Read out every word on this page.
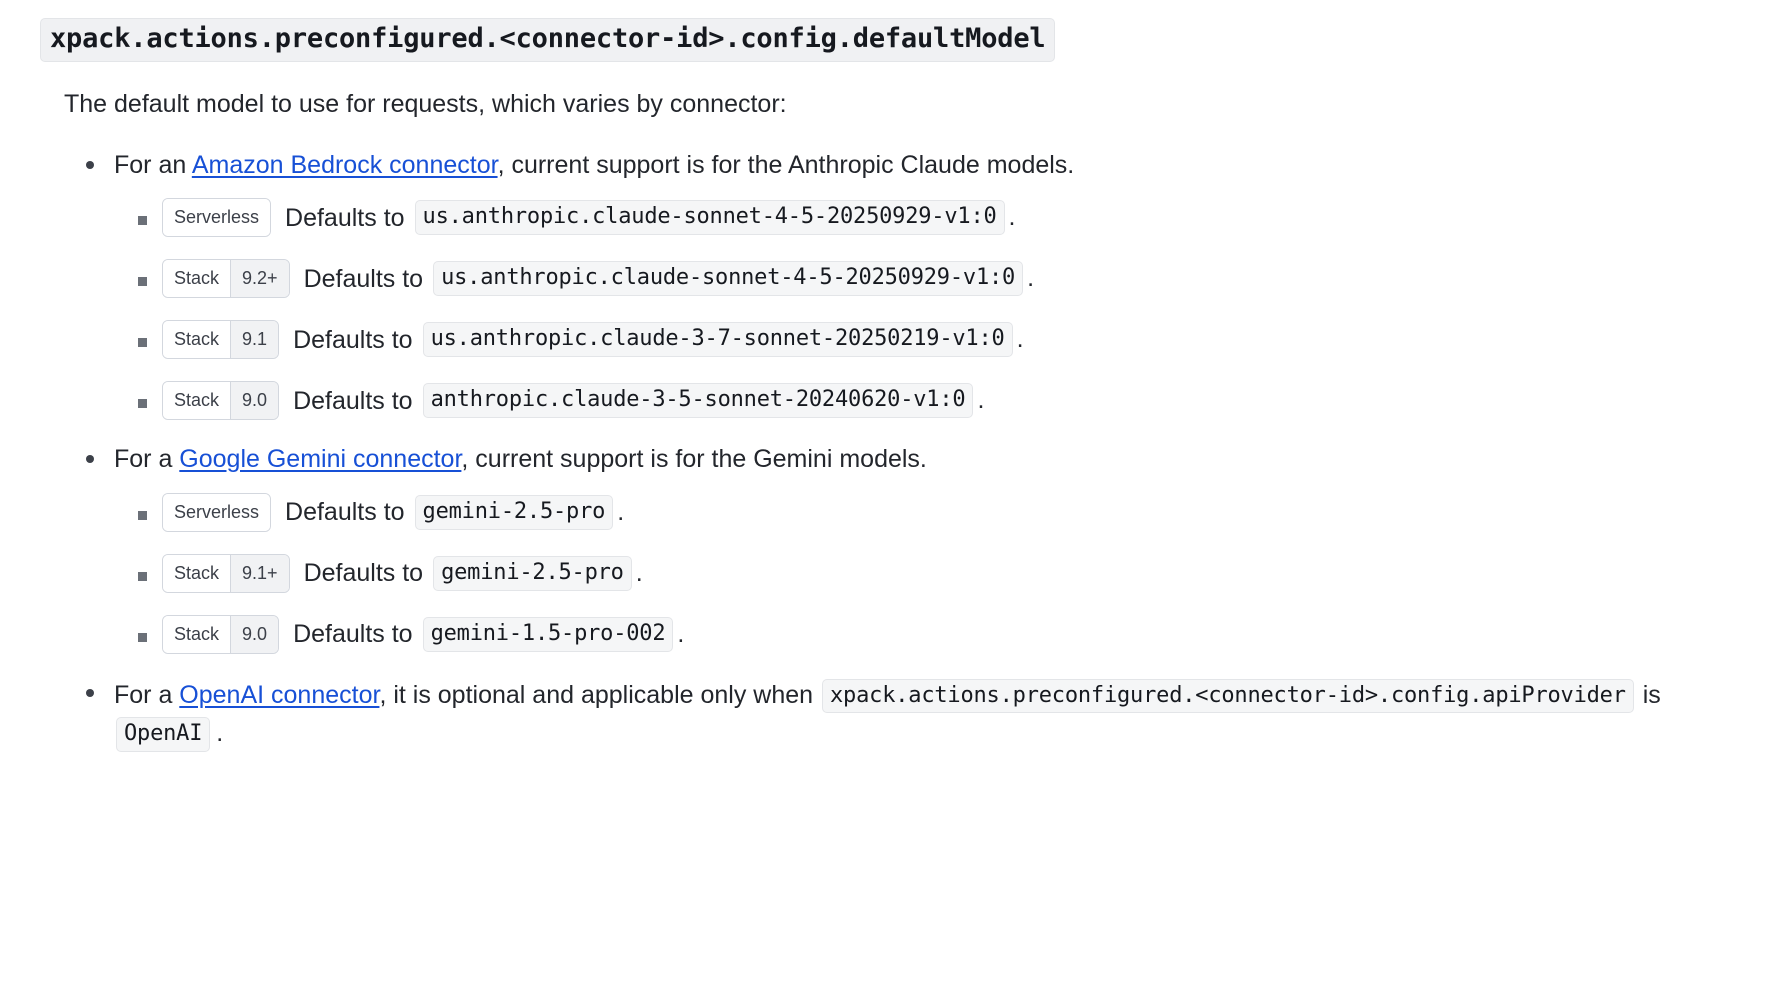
xpack.actions.preconfigured.<connector-id>.config.defaultModel

The default model to use for requests, which varies by connector:

For an Amazon Bedrock connector, current support is for the Anthropic Claude models.
Serverless	Defaults to us.anthropic.claude-sonnet-4-5-20250929-v1:0 .
Stack	9.2+	Defaults to us.anthropic.claude-sonnet-4-5-20250929-v1:0 .
Stack	9.1	Defaults to us.anthropic.claude-3-7-sonnet-20250219-v1:0 .
Stack	9.0	Defaults to anthropic.claude-3-5-sonnet-20240620-v1:0 .
For a Google Gemini connector, current support is for the Gemini models.
Serverless	Defaults to gemini-2.5-pro .
Stack	9.1+	Defaults to gemini-2.5-pro .
Stack	9.0	Defaults to gemini-1.5-pro-002 .
For a OpenAI connector, it is optional and applicable only when xpack.actions.preconfigured.<connector-id>.config.apiProvider is OpenAI .
